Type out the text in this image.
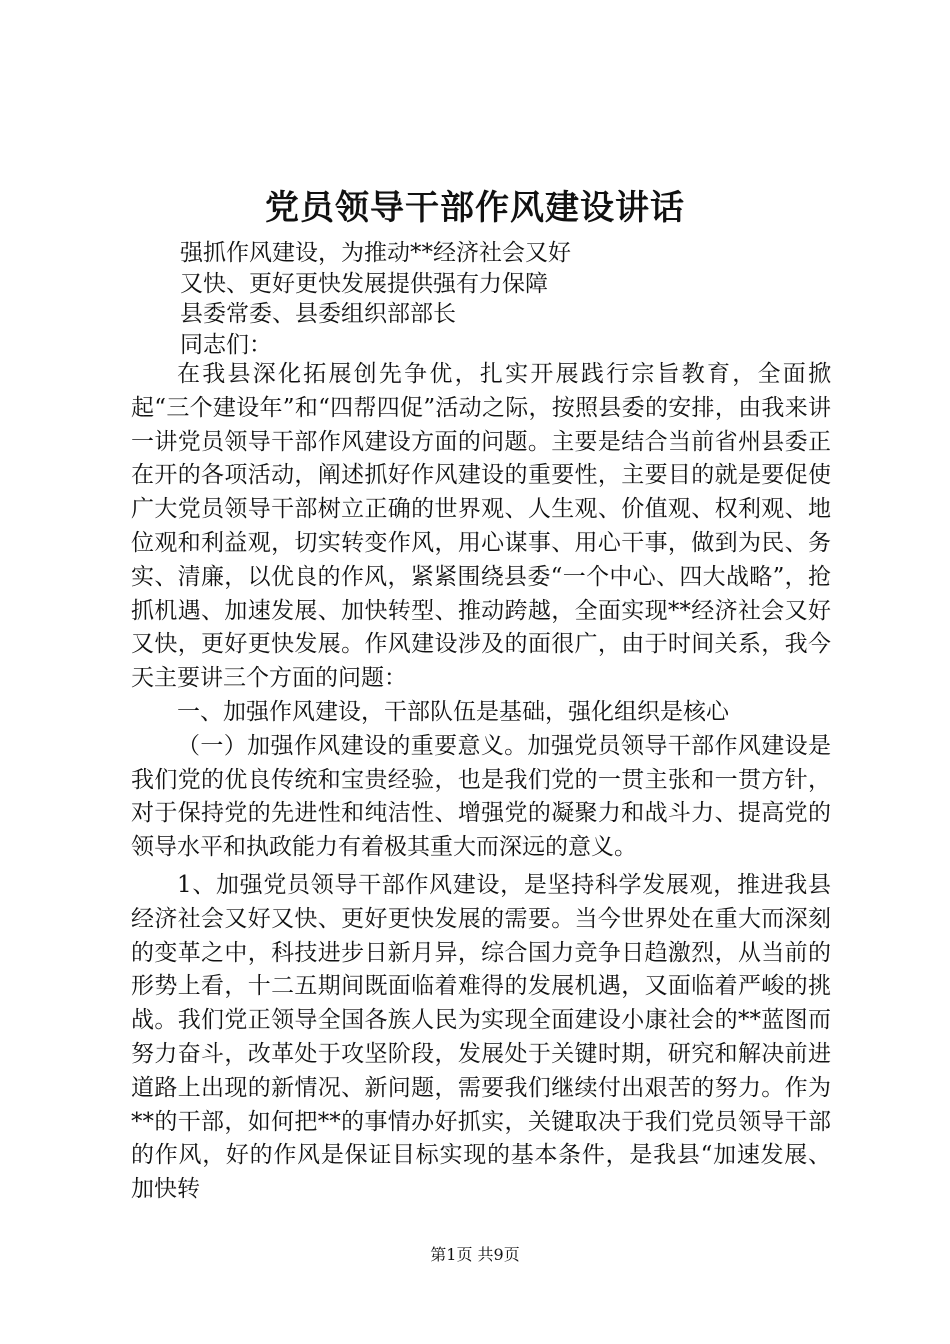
党员领导干部作风建设讲话
强抓作风建设，为推动**经济社会又好
又快、更好更快发展提供强有力保障
县委常委、县委组织部部长
同志们：

在我县深化拓展创先争优，扎实开展践行宗旨教育，全面掀起“三个建设年”和“四帮四促”活动之际，按照县委的安排，由我来讲一讲党员领导干部作风建设方面的问题。主要是结合当前省州县委正在开的各项活动，阐述抓好作风建设的重要性，主要目的就是要促使广大党员领导干部树立正确的世界观、人生观、价值观、权利观、地位观和利益观，切实转变作风，用心谋事、用心干事，做到为民、务实、清廉，以优良的作风，紧紧围绕县委“一个中心、四大战略”，抢抓机遇、加速发展、加快转型、推动跨越，全面实现**经济社会又好又快，更好更快发展。作风建设涉及的面很广，由于时间关系，我今天主要讲三个方面的问题：

一、加强作风建设，干部队伍是基础，强化组织是核心

（一）加强作风建设的重要意义。加强党员领导干部作风建设是我们党的优良传统和宝贵经验，也是我们党的一贯主张和一贯方针，对于保持党的先进性和纯洁性、增强党的凝聚力和战斗力、提高党的领导水平和执政能力有着极其重大而深远的意义。

1、加强党员领导干部作风建设，是坚持科学发展观，推进我县经济社会又好又快、更好更快发展的需要。当今世界处在重大而深刻的变革之中，科技进步日新月异，综合国力竞争日趋激烈，从当前的形势上看，十二五期间既面临着难得的发展机遇，又面临着严峻的挑战。我们党正领导全国各族人民为实现全面建设小康社会的**蓝图而努力奋斗，改革处于攻坚阶段，发展处于关键时期，研究和解决前进道路上出现的新情况、新问题，需要我们继续付出艰苦的努力。作为**的干部，如何把**的事情办好抓实，关键取决于我们党员领导干部的作风，好的作风是保证目标实现的基本条件，是我县“加速发展、加快转

第1页 共9页
